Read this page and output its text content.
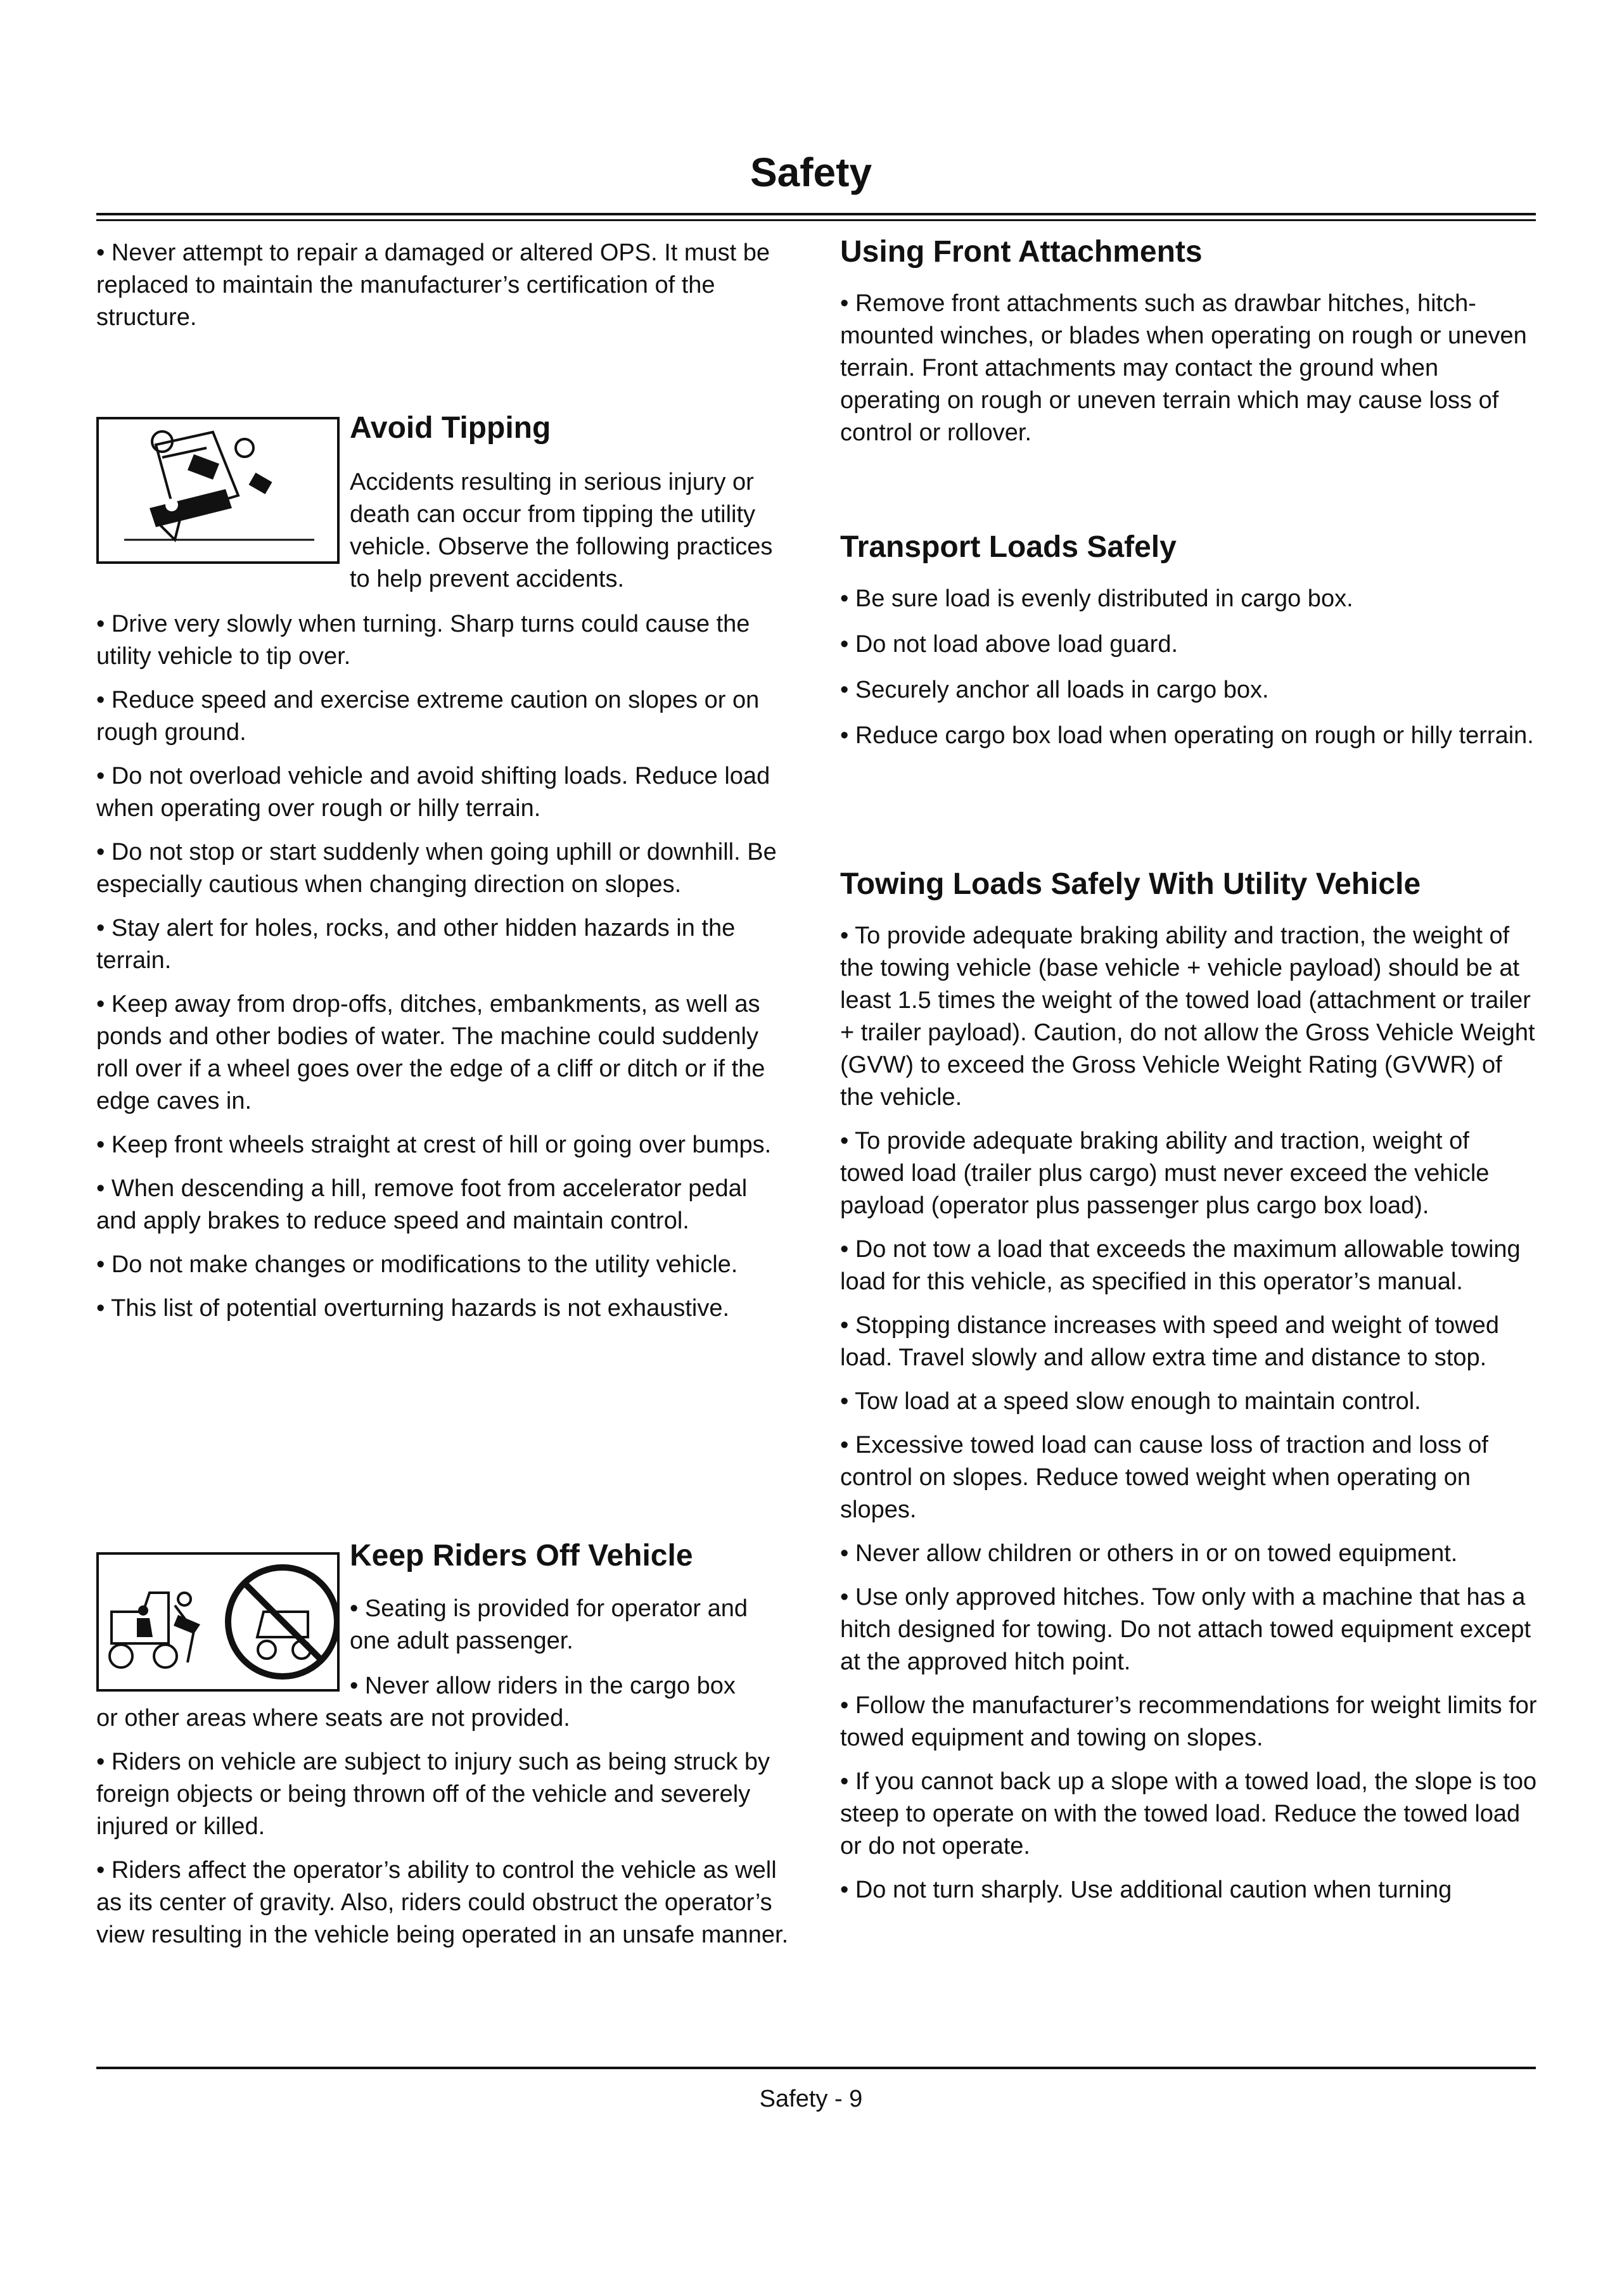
Safety

• Never attempt to repair a damaged or altered OPS. It must be replaced to maintain the manufacturer’s certification of the structure.

Avoid Tipping

Accidents resulting in serious injury or death can occur from tipping the utility vehicle. Observe the following practices to help prevent accidents.

• Drive very slowly when turning. Sharp turns could cause the utility vehicle to tip over.

• Reduce speed and exercise extreme caution on slopes or on rough ground.

• Do not overload vehicle and avoid shifting loads. Reduce load when operating over rough or hilly terrain.

• Do not stop or start suddenly when going uphill or downhill. Be especially cautious when changing direction on slopes.

• Stay alert for holes, rocks, and other hidden hazards in the terrain.

• Keep away from drop-offs, ditches, embankments, as well as ponds and other bodies of water. The machine could suddenly roll over if a wheel goes over the edge of a cliff or ditch or if the edge caves in.

• Keep front wheels straight at crest of hill or going over bumps.

• When descending a hill, remove foot from accelerator pedal and apply brakes to reduce speed and maintain control.

• Do not make changes or modifications to the utility vehicle.

• This list of potential overturning hazards is not exhaustive.

Keep Riders Off Vehicle

• Seating is provided for operator and one adult passenger.

• Never allow riders in the cargo box

or other areas where seats are not provided.

• Riders on vehicle are subject to injury such as being struck by foreign objects or being thrown off of the vehicle and severely injured or killed.

• Riders affect the operator’s ability to control the vehicle as well as its center of gravity. Also, riders could obstruct the operator’s view resulting in the vehicle being operated in an unsafe manner.

Using Front Attachments

• Remove front attachments such as drawbar hitches, hitch-mounted winches, or blades when operating on rough or uneven terrain. Front attachments may contact the ground when operating on rough or uneven terrain which may cause loss of control or rollover.

Transport Loads Safely

• Be sure load is evenly distributed in cargo box.

• Do not load above load guard.

• Securely anchor all loads in cargo box.

• Reduce cargo box load when operating on rough or hilly terrain.

Towing Loads Safely With Utility Vehicle

• To provide adequate braking ability and traction, the weight of the towing vehicle (base vehicle + vehicle payload) should be at least 1.5 times the weight of the towed load (attachment or trailer + trailer payload). Caution, do not allow the Gross Vehicle Weight (GVW) to exceed the Gross Vehicle Weight Rating (GVWR) of the vehicle.

• To provide adequate braking ability and traction, weight of towed load (trailer plus cargo) must never exceed the vehicle payload (operator plus passenger plus cargo box load).

• Do not tow a load that exceeds the maximum allowable towing load for this vehicle, as specified in this operator’s manual.

• Stopping distance increases with speed and weight of towed load. Travel slowly and allow extra time and distance to stop.

• Tow load at a speed slow enough to maintain control.

• Excessive towed load can cause loss of traction and loss of control on slopes. Reduce towed weight when operating on slopes.

• Never allow children or others in or on towed equipment.

• Use only approved hitches. Tow only with a machine that has a hitch designed for towing. Do not attach towed equipment except at the approved hitch point.

• Follow the manufacturer’s recommendations for weight limits for towed equipment and towing on slopes.

• If you cannot back up a slope with a towed load, the slope is too steep to operate on with the towed load. Reduce the towed load or do not operate.

• Do not turn sharply. Use additional caution when turning

Safety - 9
